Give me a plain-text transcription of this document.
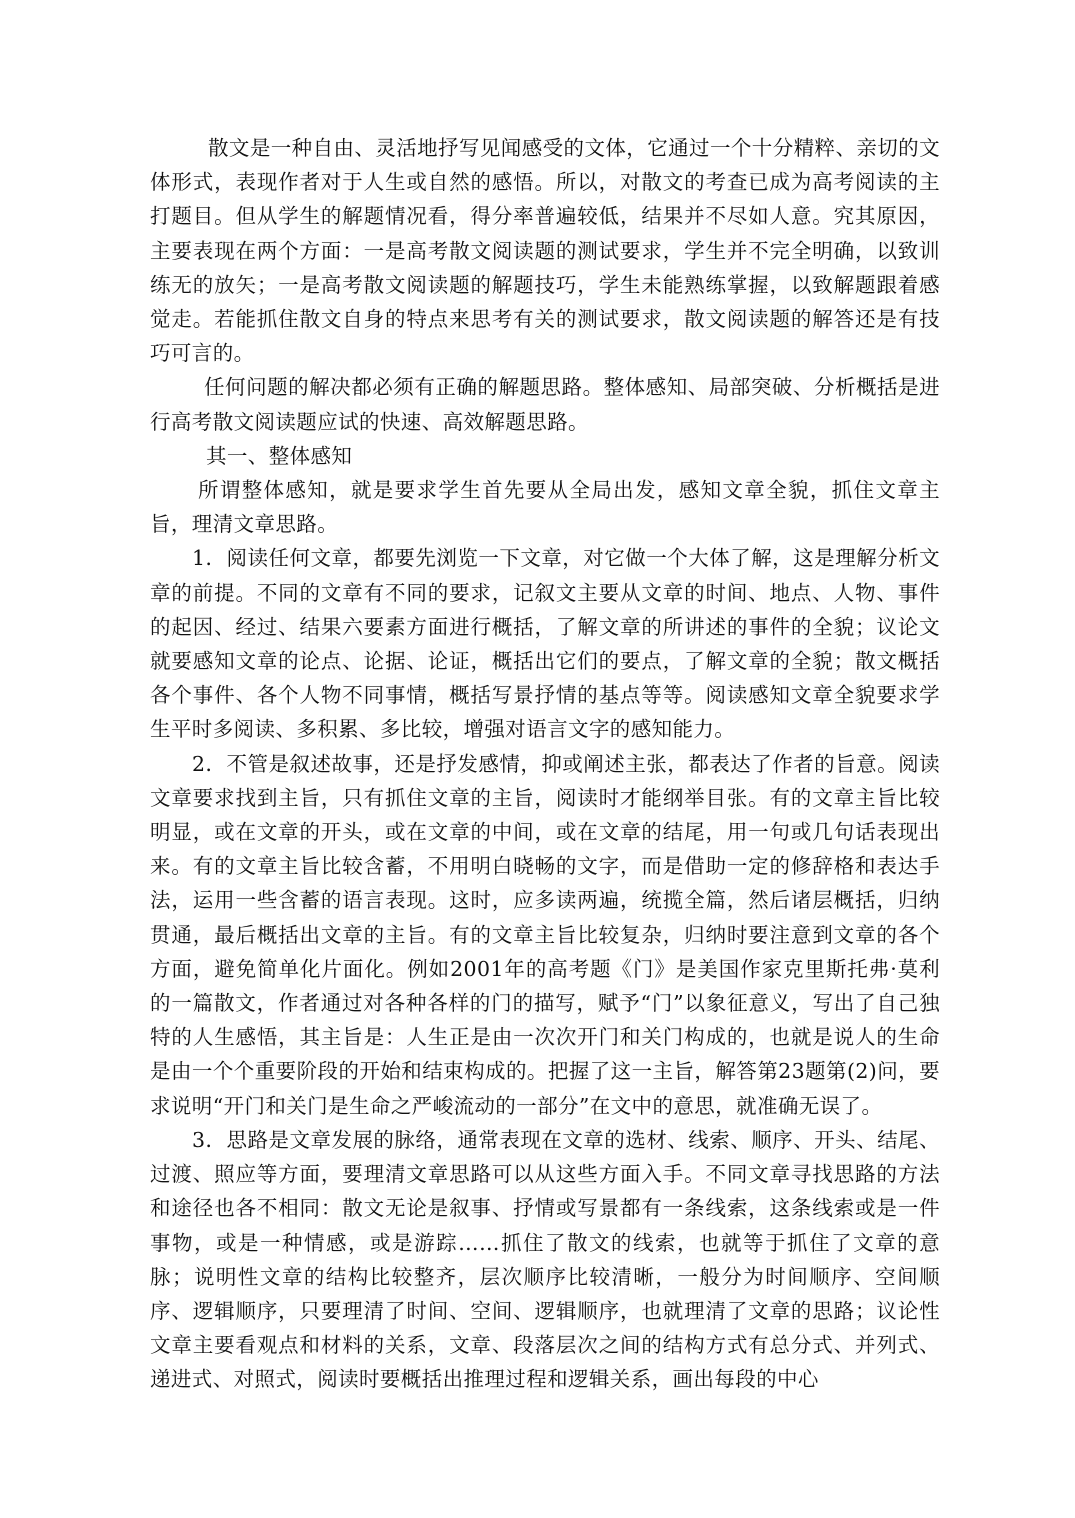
散文是一种自由、灵活地抒写见闻感受的文体，它通过一个十分精粹、亲切的文体形式，表现作者对于人生或自然的感悟。所以，对散文的考查已成为高考阅读的主打题目。但从学生的解题情况看，得分率普遍较低，结果并不尽如人意。究其原因，主要表现在两个方面：一是高考散文阅读题的测试要求，学生并不完全明确，以致训练无的放矢；一是高考散文阅读题的解题技巧，学生未能熟练掌握，以致解题跟着感觉走。若能抓住散文自身的特点来思考有关的测试要求，散文阅读题的解答还是有技巧可言的。

任何问题的解决都必须有正确的解题思路。整体感知、局部突破、分析概括是进行高考散文阅读题应试的快速、高效解题思路。

其一、整体感知

所谓整体感知，就是要求学生首先要从全局出发，感知文章全貌，抓住文章主旨，理清文章思路。

1．阅读任何文章，都要先浏览一下文章，对它做一个大体了解，这是理解分析文章的前提。不同的文章有不同的要求，记叙文主要从文章的时间、地点、人物、事件的起因、经过、结果六要素方面进行概括，了解文章的所讲述的事件的全貌；议论文就要感知文章的论点、论据、论证，概括出它们的要点，了解文章的全貌；散文概括各个事件、各个人物不同事情，概括写景抒情的基点等等。阅读感知文章全貌要求学生平时多阅读、多积累、多比较，增强对语言文字的感知能力。

2．不管是叙述故事，还是抒发感情，抑或阐述主张，都表达了作者的旨意。阅读文章要求找到主旨，只有抓住文章的主旨，阅读时才能纲举目张。有的文章主旨比较明显，或在文章的开头，或在文章的中间，或在文章的结尾，用一句或几句话表现出来。有的文章主旨比较含蓄，不用明白晓畅的文字，而是借助一定的修辞格和表达手法，运用一些含蓄的语言表现。这时，应多读两遍，统揽全篇，然后诸层概括，归纳贯通，最后概括出文章的主旨。有的文章主旨比较复杂，归纳时要注意到文章的各个方面，避免简单化片面化。例如2001年的高考题《门》是美国作家克里斯托弗·莫利的一篇散文，作者通过对各种各样的门的描写，赋予“门”以象征意义，写出了自己独特的人生感悟，其主旨是：人生正是由一次次开门和关门构成的，也就是说人的生命是由一个个重要阶段的开始和结束构成的。把握了这一主旨，解答第23题第(2)问，要求说明“开门和关门是生命之严峻流动的一部分”在文中的意思，就准确无误了。

3．思路是文章发展的脉络，通常表现在文章的选材、线索、顺序、开头、结尾、过渡、照应等方面，要理清文章思路可以从这些方面入手。不同文章寻找思路的方法和途径也各不相同：散文无论是叙事、抒情或写景都有一条线索，这条线索或是一件事物，或是一种情感，或是游踪……抓住了散文的线索，也就等于抓住了文章的意脉；说明性文章的结构比较整齐，层次顺序比较清晰，一般分为时间顺序、空间顺序、逻辑顺序，只要理清了时间、空间、逻辑顺序，也就理清了文章的思路；议论性文章主要看观点和材料的关系，文章、段落层次之间的结构方式有总分式、并列式、递进式、对照式，阅读时要概括出推理过程和逻辑关系，画出每段的中心
